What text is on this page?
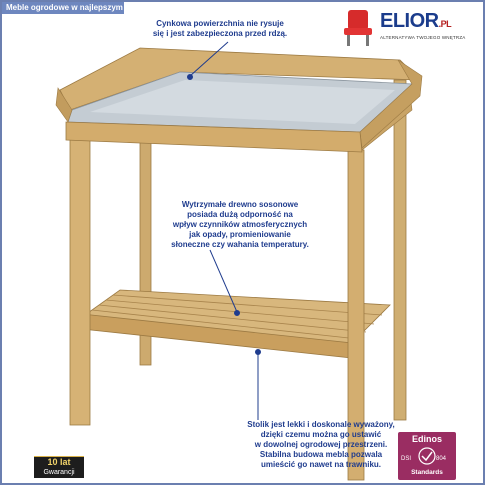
Meble ogrodowe w najlepszym stylu.
ELIOR.PL
ALTERNATYWA TWOJEGO WNĘTRZA
Cynkowa powierzchnia nie rysuje
się i jest zabezpieczona przed rdzą.
Wytrzymałe drewno sosonowe
posiada dużą odporność na
wpływ czynników atmosferycznych
jak opady, promieniowanie
słoneczne czy wahania temperatury.
Stolik jest lekki i doskonale wyważony,
dzięki czemu można go ustawić
w dowolnej ogrodowej przestrzeni.
Stabilna budowa mebla pozwala
umieścić go nawet na trawniku.
10 lat
Gwarancji
Edinos
DSI	804
Standards
